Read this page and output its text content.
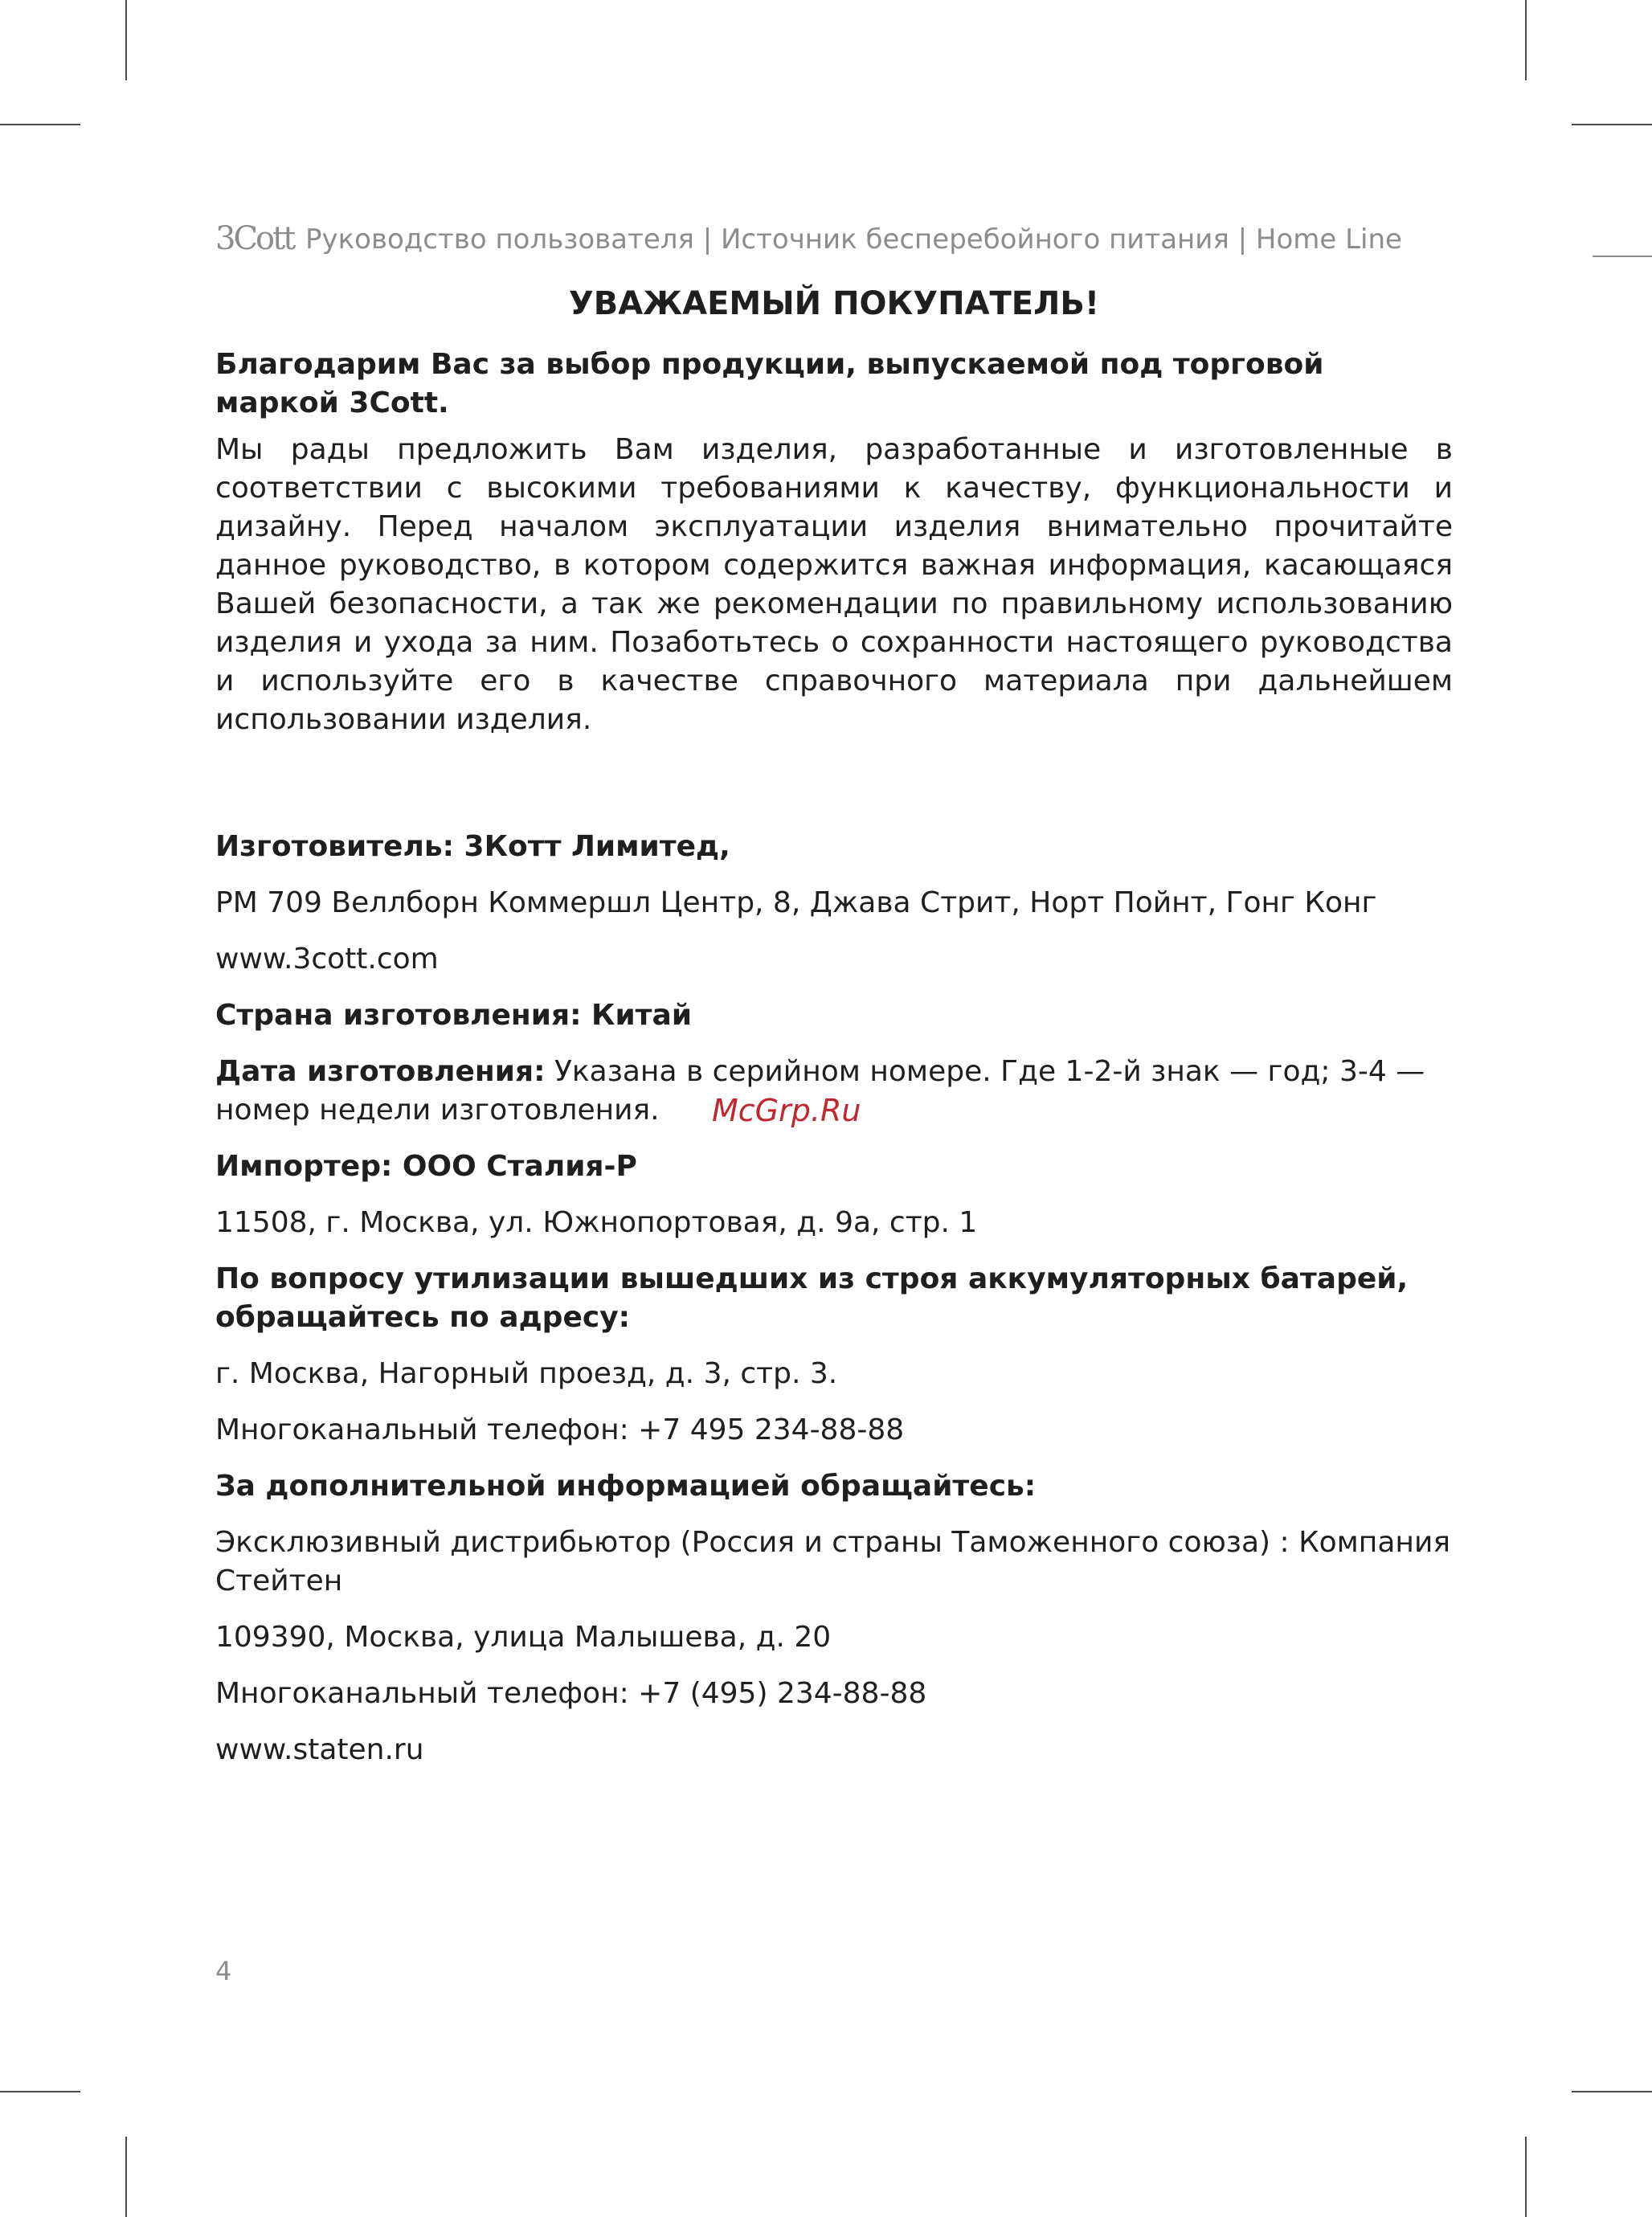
3Cott Руководство пользователя | Источник бесперебойного питания | Home Line
УВАЖАЕМЫЙ ПОКУПАТЕЛЬ!

Благодарим Вас за выбор продукции, выпускаемой под торговой маркой 3Cott.

Мы рады предложить Вам изделия, разработанные и изготовленные в соответствии с высокими требованиями к качеству, функциональности и дизайну. Перед началом эксплуатации изделия внимательно прочитайте данное руководство, в котором содержится важная информация, касающаяся Вашей безопасности, а так же рекомендации по правильному использованию изделия и ухода за ним. Позаботьтесь о сохранности настоящего руководства и используйте его в качестве справочного материала при дальнейшем использовании изделия.

Изготовитель: 3Котт Лимитед,

РМ 709 Веллборн Коммершл Центр, 8, Джава Стрит, Норт Пойнт, Гонг Конг

www.3cott.com

Страна изготовления: Китай

Дата изготовления: Указана в серийном номере. Где 1-2-й знак — год; 3-4 — номер недели изготовления.

Импортер: ООО Сталия-Р

11508, г. Москва, ул. Южнопортовая, д. 9а, стр. 1

По вопросу утилизации вышедших из строя аккумуляторных батарей, обращайтесь по адресу:

г. Москва, Нагорный проезд, д. 3, стр. 3.

Многоканальный телефон: +7 495 234-88-88

За дополнительной информацией обращайтесь:

Эксклюзивный дистрибьютор (Россия и страны Таможенного союза) : Компания Стейтен

109390, Москва, улица Малышева, д. 20

Многоканальный телефон: +7 (495) 234-88-88

www.staten.ru

McGrp.Ru
4
